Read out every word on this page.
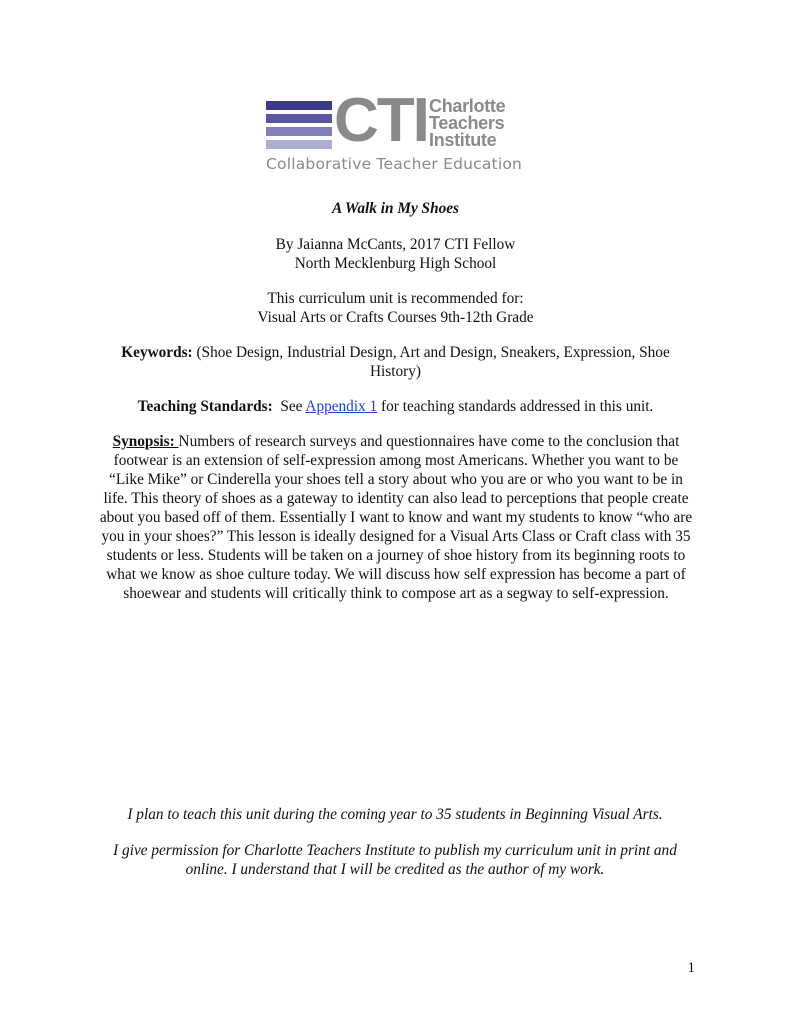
CTI Charlotte
Teachers
Institute
Collaborative Teacher Education
A Walk in My Shoes
By Jaianna McCants, 2017 CTI Fellow
North Mecklenburg High School
This curriculum unit is recommended for:
Visual Arts or Crafts Courses 9th-12th Grade
Keywords: (Shoe Design, Industrial Design, Art and Design, Sneakers, Expression, Shoe
History)
Teaching Standards:  See Appendix 1 for teaching standards addressed in this unit.
Synopsis: Numbers of research surveys and questionnaires have come to the conclusion that
footwear is an extension of self-expression among most Americans. Whether you want to be
“Like Mike” or Cinderella your shoes tell a story about who you are or who you want to be in
life. This theory of shoes as a gateway to identity can also lead to perceptions that people create
about you based off of them. Essentially I want to know and want my students to know “who are
you in your shoes?” This lesson is ideally designed for a Visual Arts Class or Craft class with 35
students or less. Students will be taken on a journey of shoe history from its beginning roots to
what we know as shoe culture today. We will discuss how self expression has become a part of
shoewear and students will critically think to compose art as a segway to self-expression.
I plan to teach this unit during the coming year to 35 students in Beginning Visual Arts.
I give permission for Charlotte Teachers Institute to publish my curriculum unit in print and
online. I understand that I will be credited as the author of my work.
1
